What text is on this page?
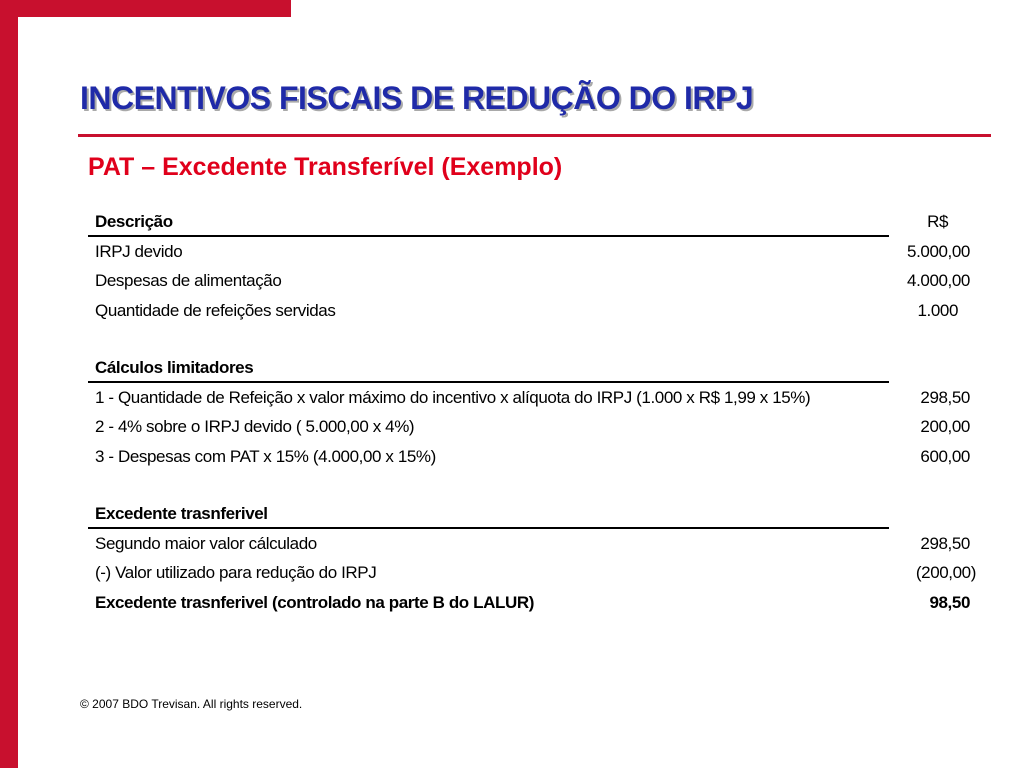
INCENTIVOS FISCAIS DE REDUÇÃO DO IRPJ
PAT – Excedente Transferível (Exemplo)
Descrição	R$
IRPJ devido	5.000,00
Despesas de alimentação	4.000,00
Quantidade de refeições servidas	1.000
Cálculos limitadores
1 - Quantidade de Refeição x valor máximo do incentivo x alíquota do IRPJ (1.000 x R$ 1,99 x 15%)	298,50
2 - 4% sobre o IRPJ devido ( 5.000,00 x 4%)	200,00
3 - Despesas com PAT x 15% (4.000,00 x 15%)	600,00
Excedente trasnferivel
Segundo maior valor cálculado	298,50
(-) Valor utilizado para redução do IRPJ	(200,00)
Excedente trasnferivel (controlado na parte B do LALUR)	98,50
© 2007 BDO Trevisan. All rights reserved.
